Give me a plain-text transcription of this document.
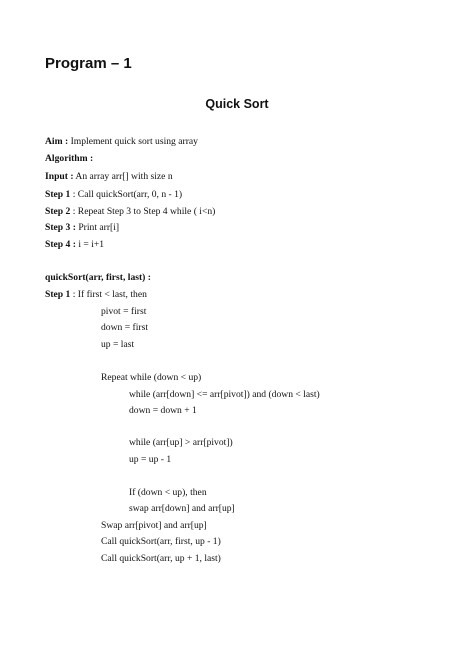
Program – 1
Quick Sort
Aim : Implement quick sort using array
Algorithm :
Input : An array arr[] with size n
Step 1 : Call quickSort(arr, 0, n - 1)
Step 2 : Repeat Step 3 to Step 4 while ( i<n)
Step 3 : Print arr[i]
Step 4 : i = i+1
quickSort(arr, first, last) :
Step 1 : If first < last, then
pivot = first
down = first
up = last
Repeat while (down < up)
while (arr[down] <= arr[pivot]) and (down < last)
down = down + 1
while (arr[up] > arr[pivot])
up = up - 1
If (down < up), then
swap arr[down] and arr[up]
Swap arr[pivot] and arr[up]
Call quickSort(arr, first, up - 1)
Call quickSort(arr, up + 1, last)
